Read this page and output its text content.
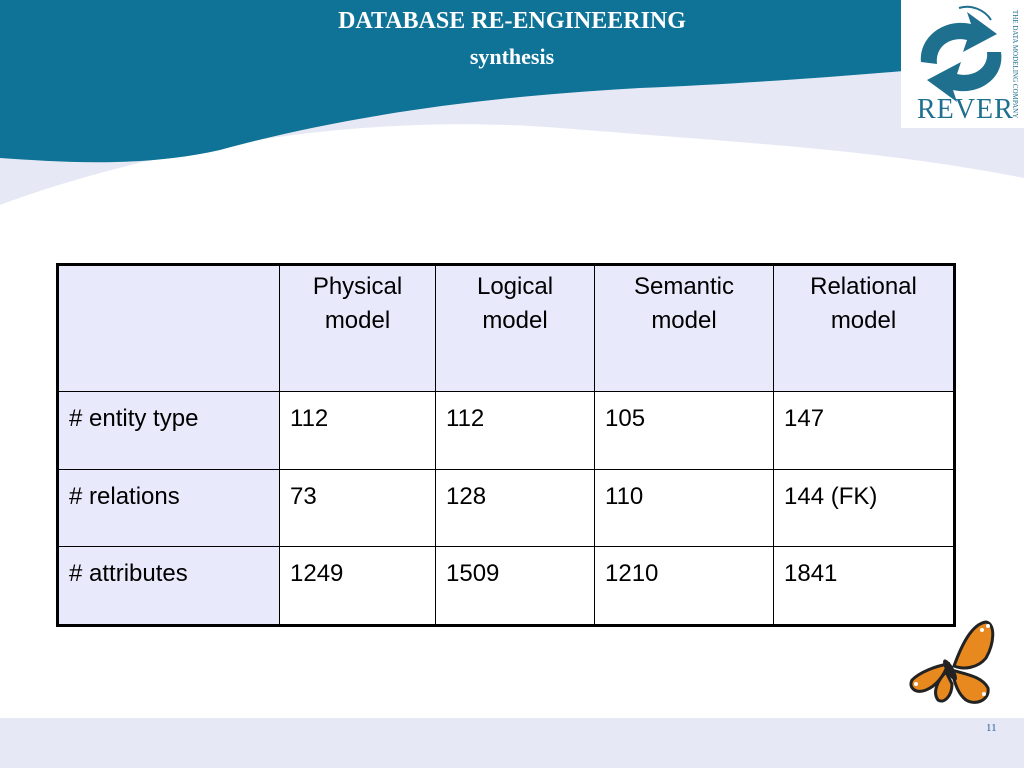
DATABASE RE-ENGINEERING
synthesis
REVER
THE DATA MODELING COMPANY
	Physical model	Logical model	Semantic model	Relational model
# entity type	112	112	105	147
# relations	73	128	110	144 (FK)
# attributes	1249	1509	1210	1841
11
